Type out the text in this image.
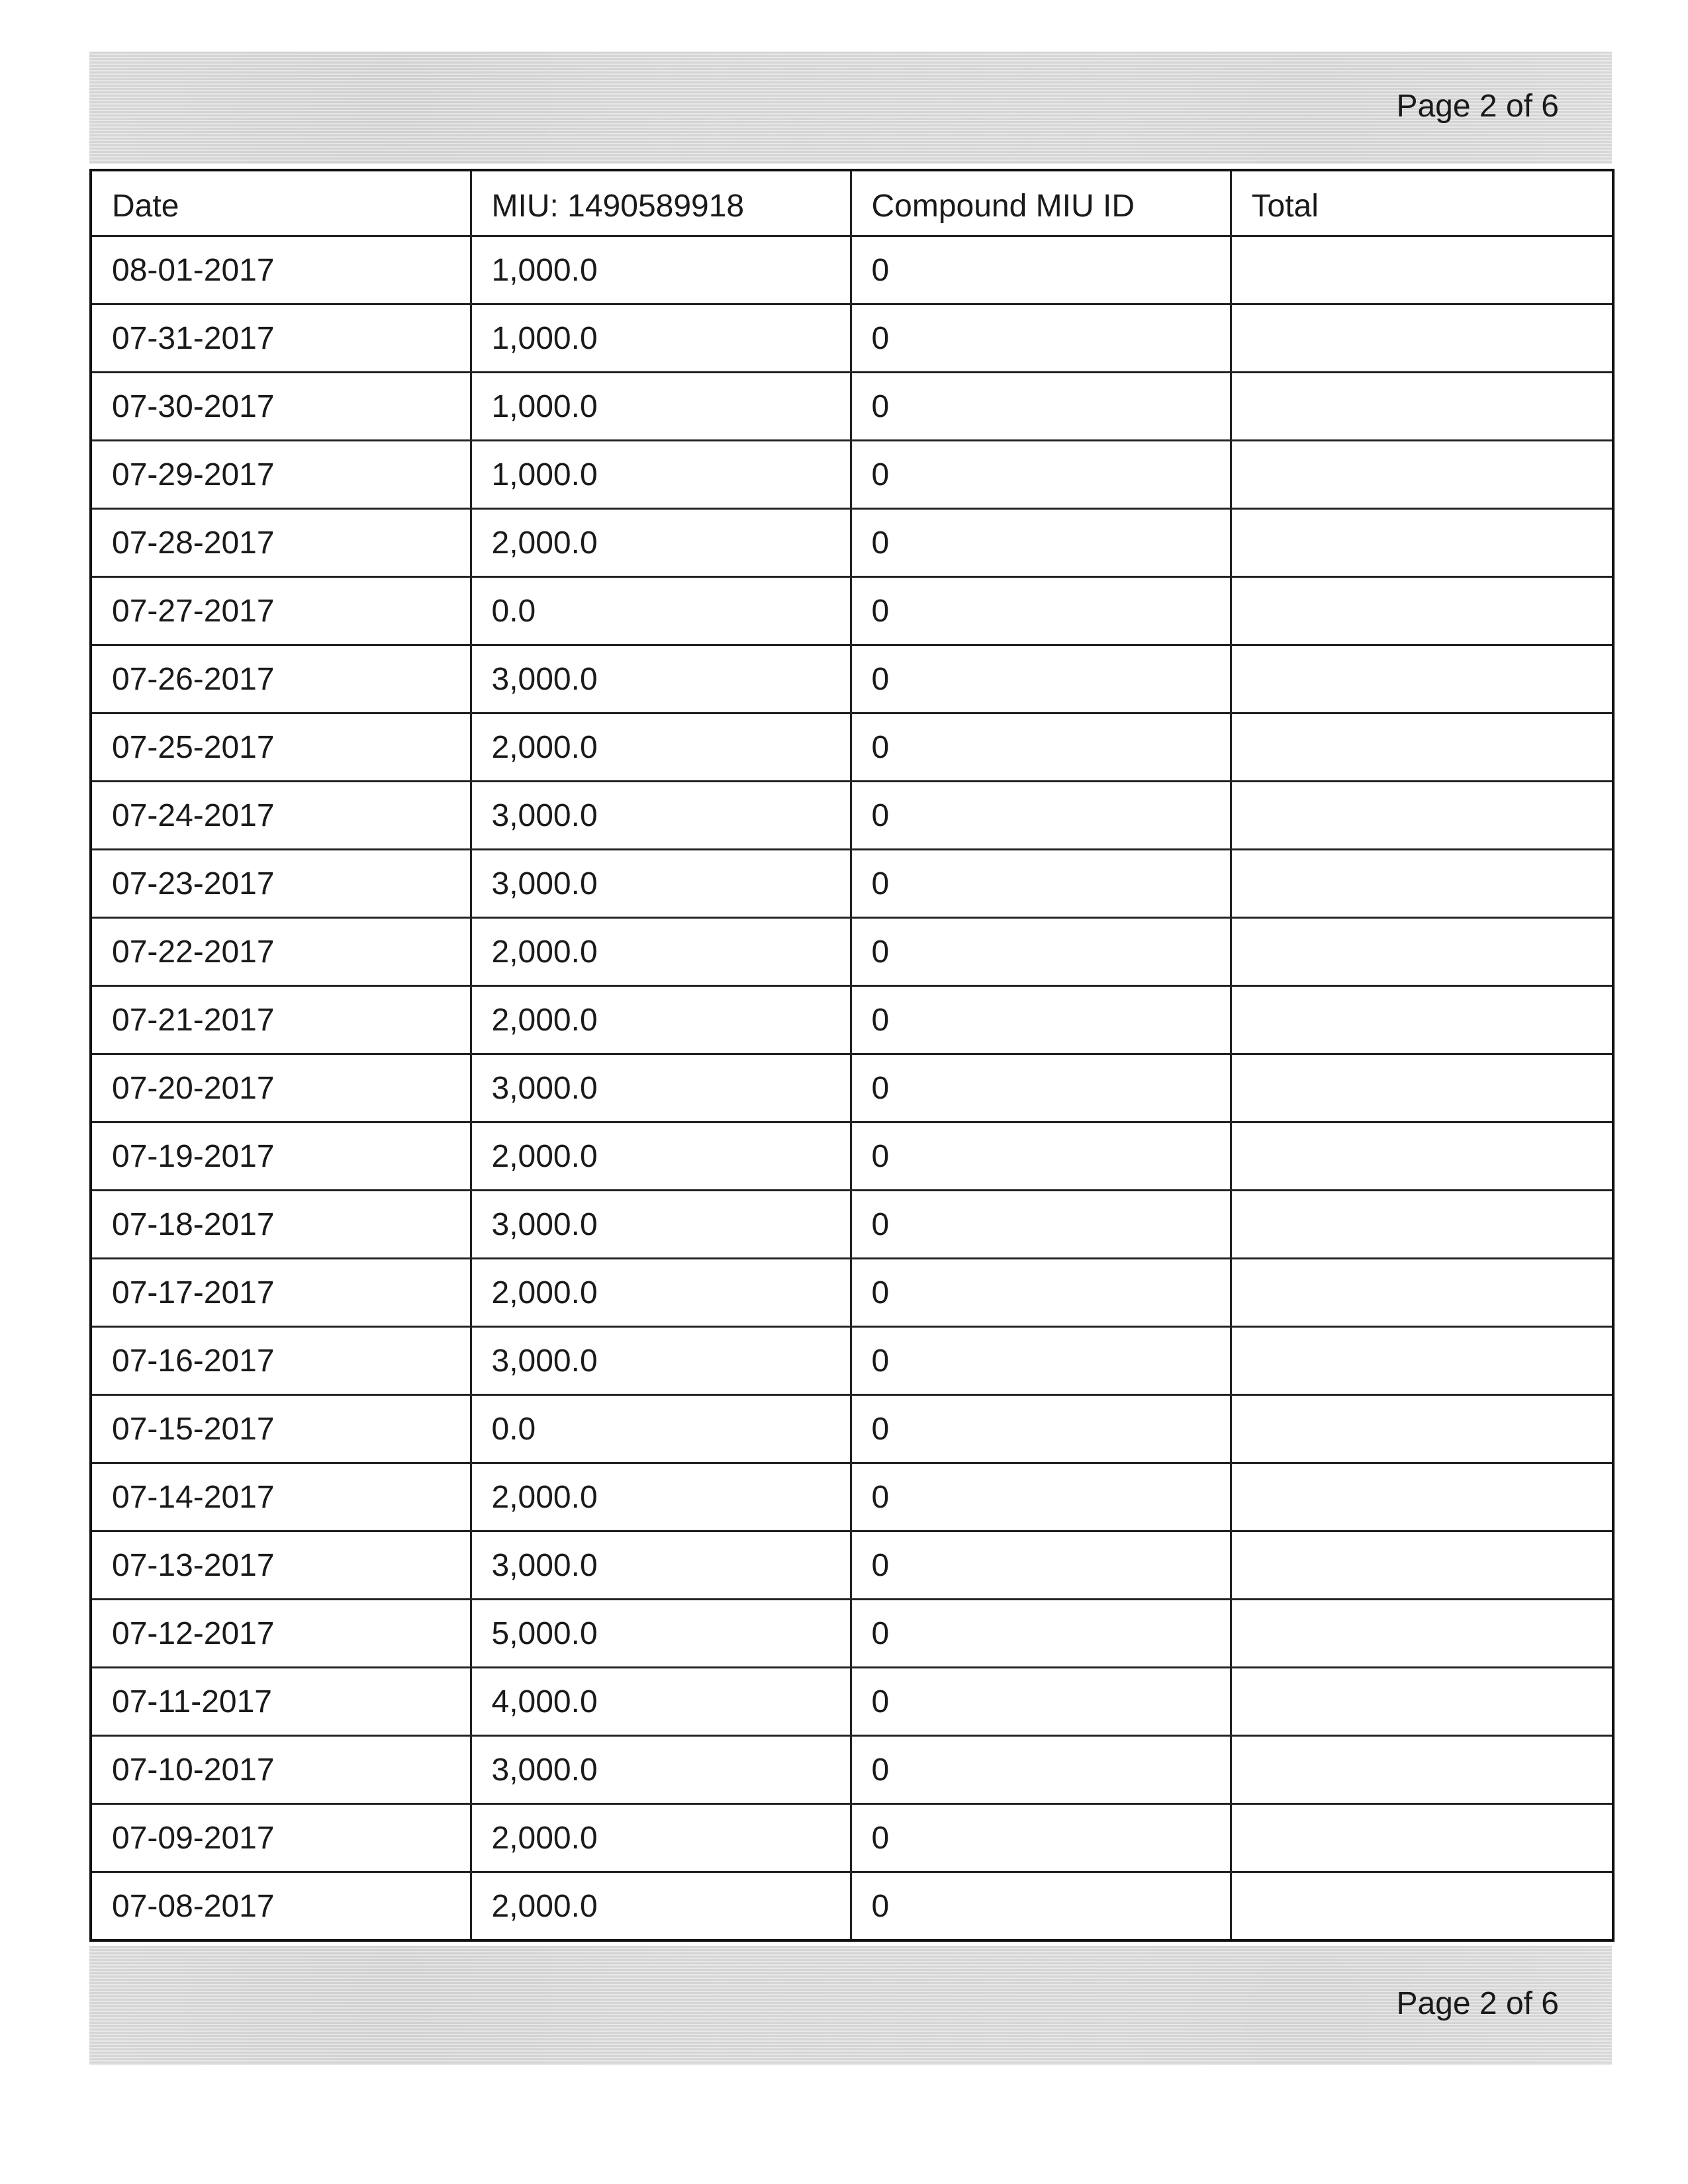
Page 2 of 6
Date	MIU: 1490589918	Compound MIU ID	Total
08-01-2017	1,000.0	0	
07-31-2017	1,000.0	0	
07-30-2017	1,000.0	0	
07-29-2017	1,000.0	0	
07-28-2017	2,000.0	0	
07-27-2017	0.0	0	
07-26-2017	3,000.0	0	
07-25-2017	2,000.0	0	
07-24-2017	3,000.0	0	
07-23-2017	3,000.0	0	
07-22-2017	2,000.0	0	
07-21-2017	2,000.0	0	
07-20-2017	3,000.0	0	
07-19-2017	2,000.0	0	
07-18-2017	3,000.0	0	
07-17-2017	2,000.0	0	
07-16-2017	3,000.0	0	
07-15-2017	0.0	0	
07-14-2017	2,000.0	0	
07-13-2017	3,000.0	0	
07-12-2017	5,000.0	0	
07-11-2017	4,000.0	0	
07-10-2017	3,000.0	0	
07-09-2017	2,000.0	0	
07-08-2017	2,000.0	0	
Page 2 of 6
